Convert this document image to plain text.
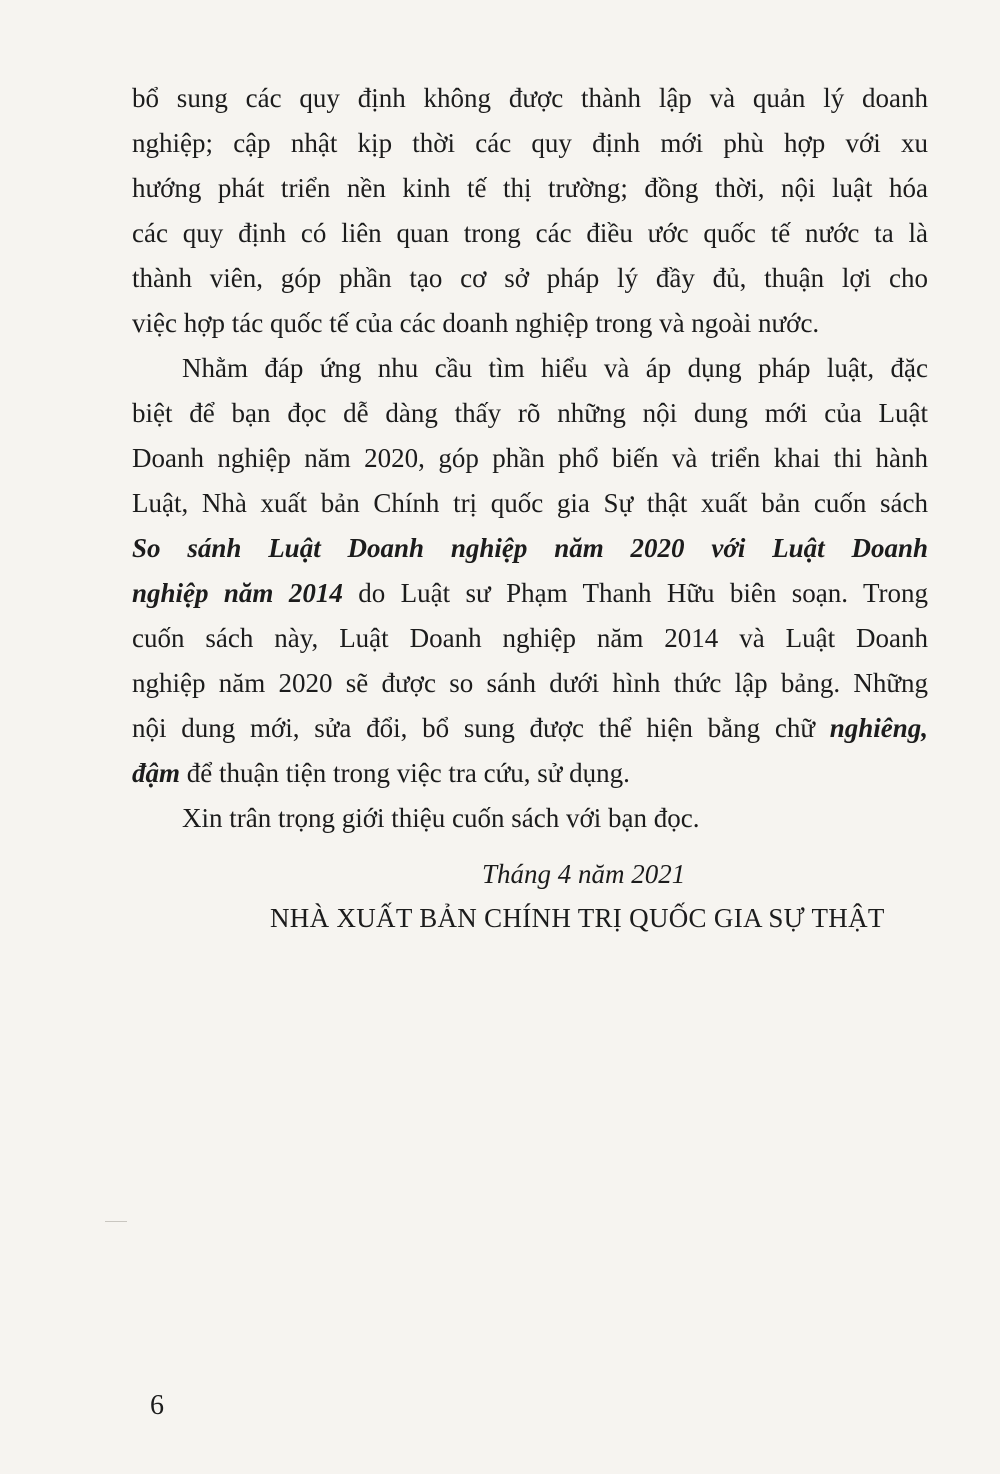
bổ sung các quy định không được thành lập và quản lý doanh
nghiệp; cập nhật kịp thời các quy định mới phù hợp với xu
hướng phát triển nền kinh tế thị trường; đồng thời, nội luật hóa
các quy định có liên quan trong các điều ước quốc tế nước ta là
thành viên, góp phần tạo cơ sở pháp lý đầy đủ, thuận lợi cho
việc hợp tác quốc tế của các doanh nghiệp trong và ngoài nước.
Nhằm đáp ứng nhu cầu tìm hiểu và áp dụng pháp luật, đặc
biệt để bạn đọc dễ dàng thấy rõ những nội dung mới của Luật
Doanh nghiệp năm 2020, góp phần phổ biến và triển khai thi hành
Luật, Nhà xuất bản Chính trị quốc gia Sự thật xuất bản cuốn sách
So sánh Luật Doanh nghiệp năm 2020 với Luật Doanh
nghiệp năm 2014 do Luật sư Phạm Thanh Hữu biên soạn. Trong
cuốn sách này, Luật Doanh nghiệp năm 2014 và Luật Doanh
nghiệp năm 2020 sẽ được so sánh dưới hình thức lập bảng. Những
nội dung mới, sửa đổi, bổ sung được thể hiện bằng chữ nghiêng,
đậm để thuận tiện trong việc tra cứu, sử dụng.
Xin trân trọng giới thiệu cuốn sách với bạn đọc.
Tháng 4 năm 2021
NHÀ XUẤT BẢN CHÍNH TRỊ QUỐC GIA SỰ THẬT
6
